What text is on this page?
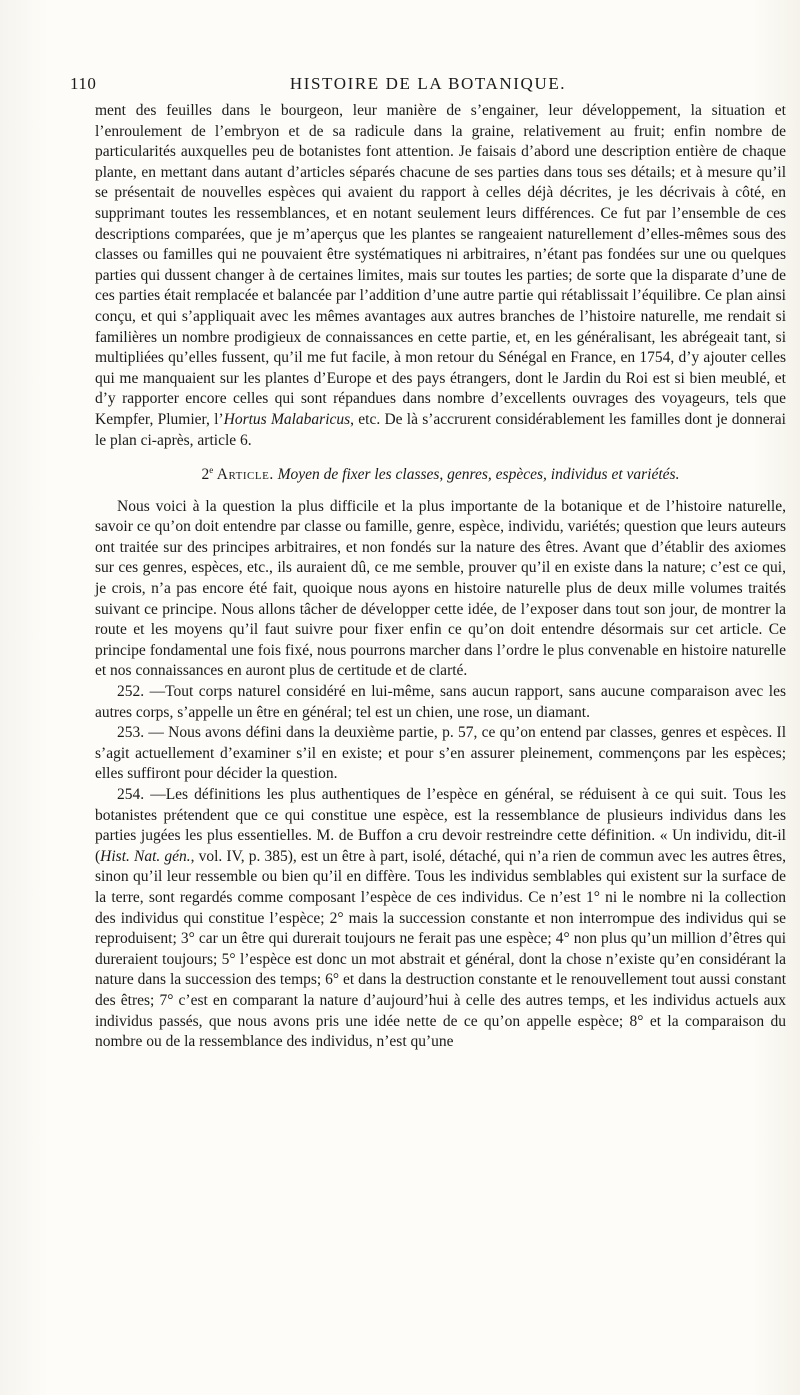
110	HISTOIRE DE LA BOTANIQUE.

ment des feuilles dans le bourgeon, leur manière de s’engainer, leur développement, la situation et l’enroulement de l’embryon et de sa radicule dans la graine, relativement au fruit; enfin nombre de particularités auxquelles peu de botanistes font attention. Je faisais d’abord une description entière de chaque plante, en mettant dans autant d’articles séparés chacune de ses parties dans tous ses détails; et à mesure qu’il se présentait de nouvelles espèces qui avaient du rapport à celles déjà décrites, je les décrivais à côté, en supprimant toutes les ressemblances, et en notant seulement leurs différences. Ce fut par l’ensemble de ces descriptions comparées, que je m’aperçus que les plantes se rangeaient naturellement d’elles-mêmes sous des classes ou familles qui ne pouvaient être systématiques ni arbitraires, n’étant pas fondées sur une ou quelques parties qui dussent changer à de certaines limites, mais sur toutes les parties; de sorte que la disparate d’une de ces parties était remplacée et balancée par l’addition d’une autre partie qui rétablissait l’équilibre. Ce plan ainsi conçu, et qui s’appliquait avec les mêmes avantages aux autres branches de l’histoire naturelle, me rendait si familières un nombre prodigieux de connaissances en cette partie, et, en les généralisant, les abrégeait tant, si multipliées qu’elles fussent, qu’il me fut facile, à mon retour du Sénégal en France, en 1754, d’y ajouter celles qui me manquaient sur les plantes d’Europe et des pays étrangers, dont le Jardin du Roi est si bien meublé, et d’y rapporter encore celles qui sont répandues dans nombre d’excellents ouvrages des voyageurs, tels que Kempfer, Plumier, l’Hortus Malabaricus, etc. De là s’accrurent considérablement les familles dont je donnerai le plan ci-après, article 6.

2e Article. Moyen de fixer les classes, genres, espèces, individus et variétés.

Nous voici à la question la plus difficile et la plus importante de la botanique et de l’histoire naturelle, savoir ce qu’on doit entendre par classe ou famille, genre, espèce, individu, variétés; question que leurs auteurs ont traitée sur des principes arbitraires, et non fondés sur la nature des êtres. Avant que d’établir des axiomes sur ces genres, espèces, etc., ils auraient dû, ce me semble, prouver qu’il en existe dans la nature; c’est ce qui, je crois, n’a pas encore été fait, quoique nous ayons en histoire naturelle plus de deux mille volumes traités suivant ce principe. Nous allons tâcher de développer cette idée, de l’exposer dans tout son jour, de montrer la route et les moyens qu’il faut suivre pour fixer enfin ce qu’on doit entendre désormais sur cet article. Ce principe fondamental une fois fixé, nous pourrons marcher dans l’ordre le plus convenable en histoire naturelle et nos connaissances en auront plus de certitude et de clarté.

252. —Tout corps naturel considéré en lui-même, sans aucun rapport, sans aucune comparaison avec les autres corps, s’appelle un être en général; tel est un chien, une rose, un diamant.

253. — Nous avons défini dans la deuxième partie, p. 57, ce qu’on entend par classes, genres et espèces. Il s’agit actuellement d’examiner s’il en existe; et pour s’en assurer pleinement, commençons par les espèces; elles suffiront pour décider la question.

254. —Les définitions les plus authentiques de l’espèce en général, se réduisent à ce qui suit. Tous les botanistes prétendent que ce qui constitue une espèce, est la ressemblance de plusieurs individus dans les parties jugées les plus essentielles. M. de Buffon a cru devoir restreindre cette définition. « Un individu, dit-il (Hist. Nat. gén., vol. IV, p. 385), est un être à part, isolé, détaché, qui n’a rien de commun avec les autres êtres, sinon qu’il leur ressemble ou bien qu’il en diffère. Tous les individus semblables qui existent sur la surface de la terre, sont regardés comme composant l’espèce de ces individus. Ce n’est 1° ni le nombre ni la collection des individus qui constitue l’espèce; 2° mais la succession constante et non interrompue des individus qui se reproduisent; 3° car un être qui durerait toujours ne ferait pas une espèce; 4° non plus qu’un million d’êtres qui dureraient toujours; 5° l’espèce est donc un mot abstrait et général, dont la chose n’existe qu’en considérant la nature dans la succession des temps; 6° et dans la destruction constante et le renouvellement tout aussi constant des êtres; 7° c’est en comparant la nature d’aujourd’hui à celle des autres temps, et les individus actuels aux individus passés, que nous avons pris une idée nette de ce qu’on appelle espèce; 8° et la comparaison du nombre ou de la ressemblance des individus, n’est qu’une
